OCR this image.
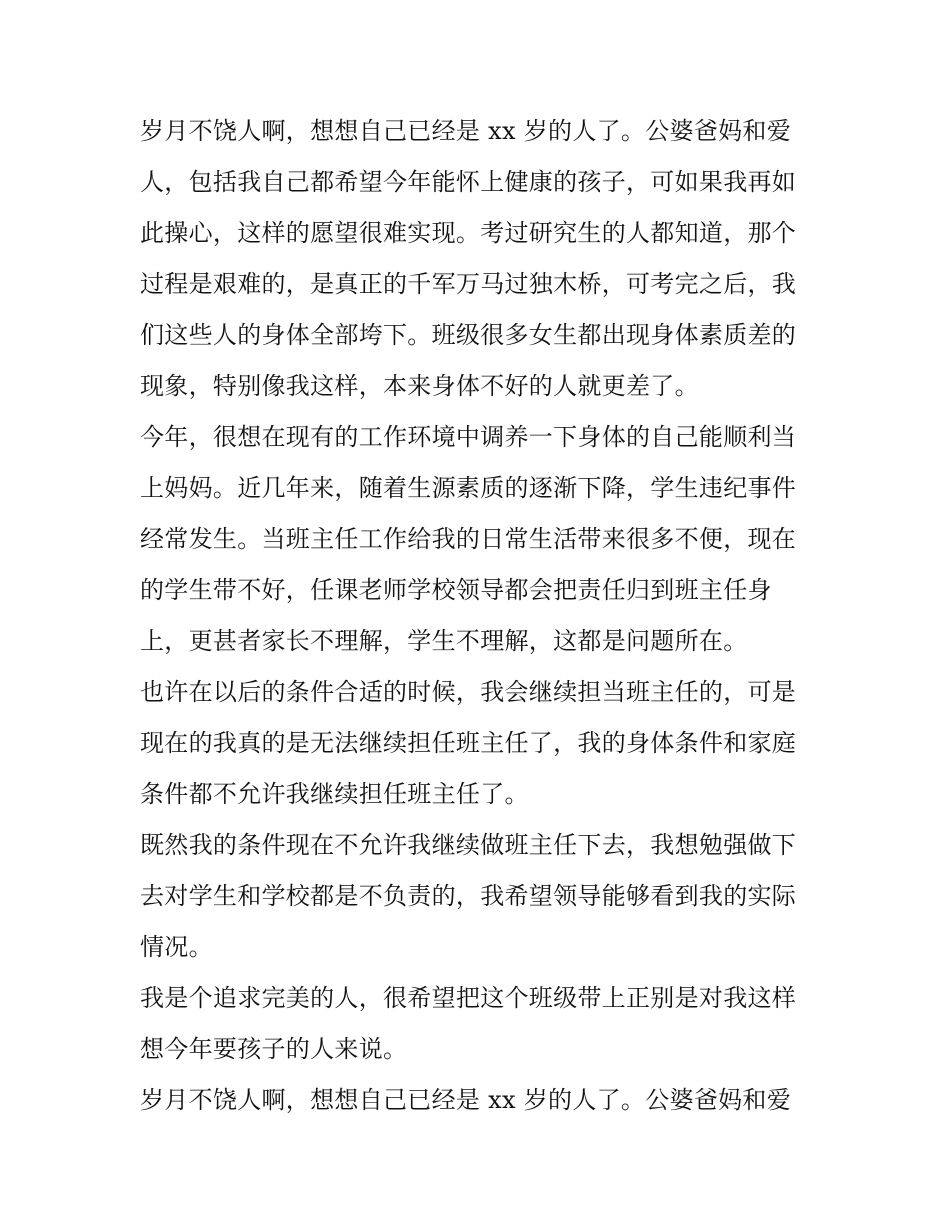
岁月不饶人啊，想想自己已经是 xx 岁的人了。公婆爸妈和爱
人，包括我自己都希望今年能怀上健康的孩子，可如果我再如
此操心，这样的愿望很难实现。考过研究生的人都知道，那个
过程是艰难的，是真正的千军万马过独木桥，可考完之后，我
们这些人的身体全部垮下。班级很多女生都出现身体素质差的
现象，特别像我这样，本来身体不好的人就更差了。
今年，很想在现有的工作环境中调养一下身体的自己能顺利当
上妈妈。近几年来，随着生源素质的逐渐下降，学生违纪事件
经常发生。当班主任工作给我的日常生活带来很多不便，现在
的学生带不好，任课老师学校领导都会把责任归到班主任身
上，更甚者家长不理解，学生不理解，这都是问题所在。
也许在以后的条件合适的时候，我会继续担当班主任的，可是
现在的我真的是无法继续担任班主任了，我的身体条件和家庭
条件都不允许我继续担任班主任了。
既然我的条件现在不允许我继续做班主任下去，我想勉强做下
去对学生和学校都是不负责的，我希望领导能够看到我的实际
情况。
我是个追求完美的人，很希望把这个班级带上正别是对我这样
想今年要孩子的人来说。
岁月不饶人啊，想想自己已经是 xx 岁的人了。公婆爸妈和爱
